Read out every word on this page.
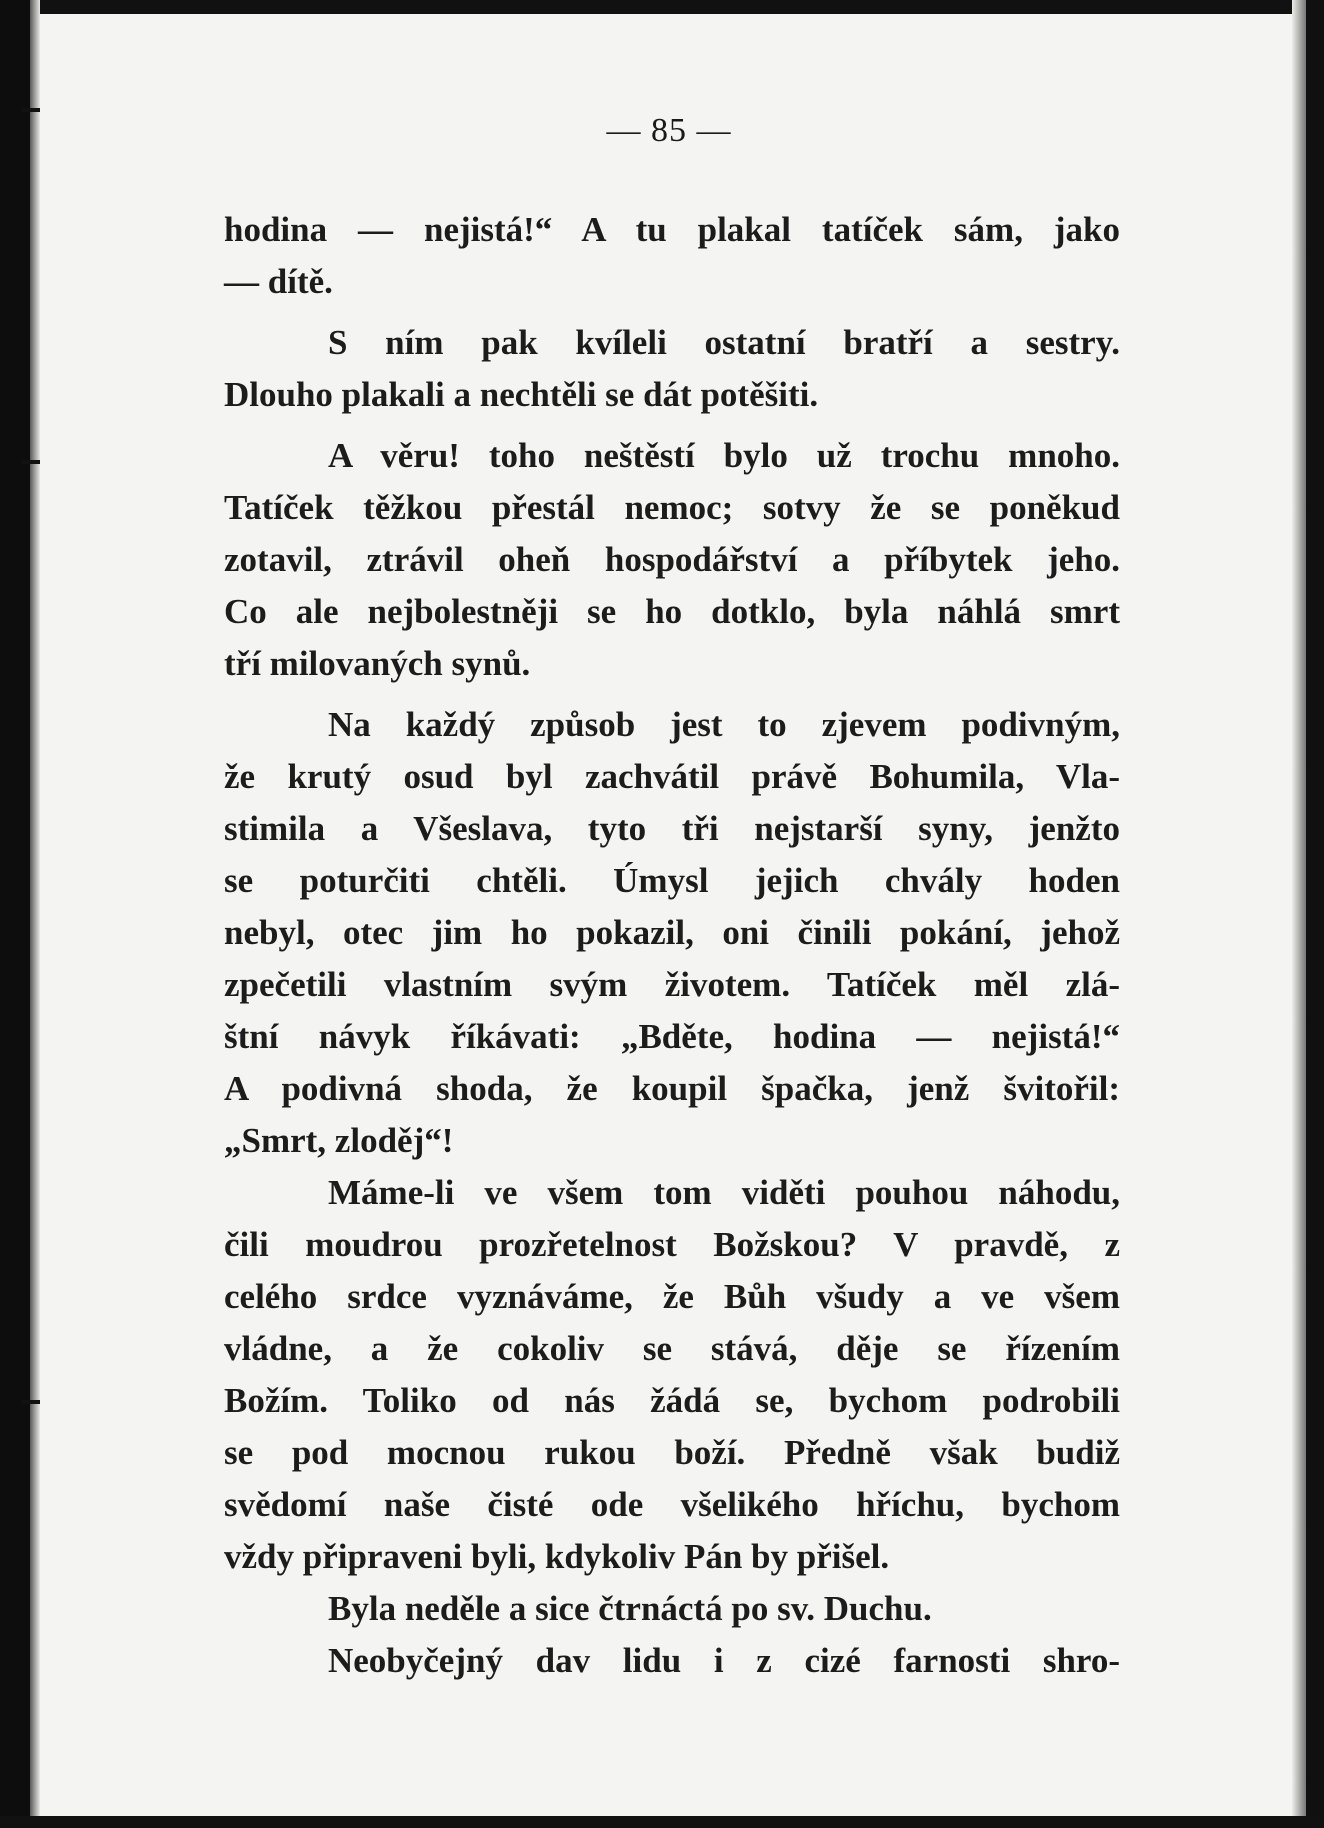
— 85 —
hodina — nejistá!“ A tu plakal tatíček sám, jako
— dítě.
S ním pak kvíleli ostatní bratří a sestry.
Dlouho plakali a nechtěli se dát potěšiti.
A věru! toho neštěstí bylo už trochu mnoho.
Tatíček těžkou přestál nemoc; sotvy že se poněkud
zotavil, ztrávil oheň hospodářství a příbytek jeho.
Co ale nejbolestněji se ho dotklo, byla náhlá smrt
tří milovaných synů.
Na každý způsob jest to zjevem podivným,
že krutý osud byl zachvátil právě Bohumila, Vla-
stimila a Všeslava, tyto tři nejstarší syny, jenžto
se poturčiti chtěli. Úmysl jejich chvály hoden
nebyl, otec jim ho pokazil, oni činili pokání, jehož
zpečetili vlastním svým životem. Tatíček měl zlá-
štní návyk říkávati: „Bděte, hodina — nejistá!“
A podivná shoda, že koupil špačka, jenž švitořil:
„Smrt, zloděj“!
Máme-li ve všem tom viděti pouhou náhodu,
čili moudrou prozřetelnost Božskou? V pravdě, z
celého srdce vyznáváme, že Bůh všudy a ve všem
vládne, a že cokoliv se stává, děje se řízením
Božím. Toliko od nás žádá se, bychom podrobili
se pod mocnou rukou boží. Předně však budiž
svědomí naše čisté ode všelikého hříchu, bychom
vždy připraveni byli, kdykoliv Pán by přišel.
Byla neděle a sice čtrnáctá po sv. Duchu.
Neobyčejný dav lidu i z cizé farnosti shro-
